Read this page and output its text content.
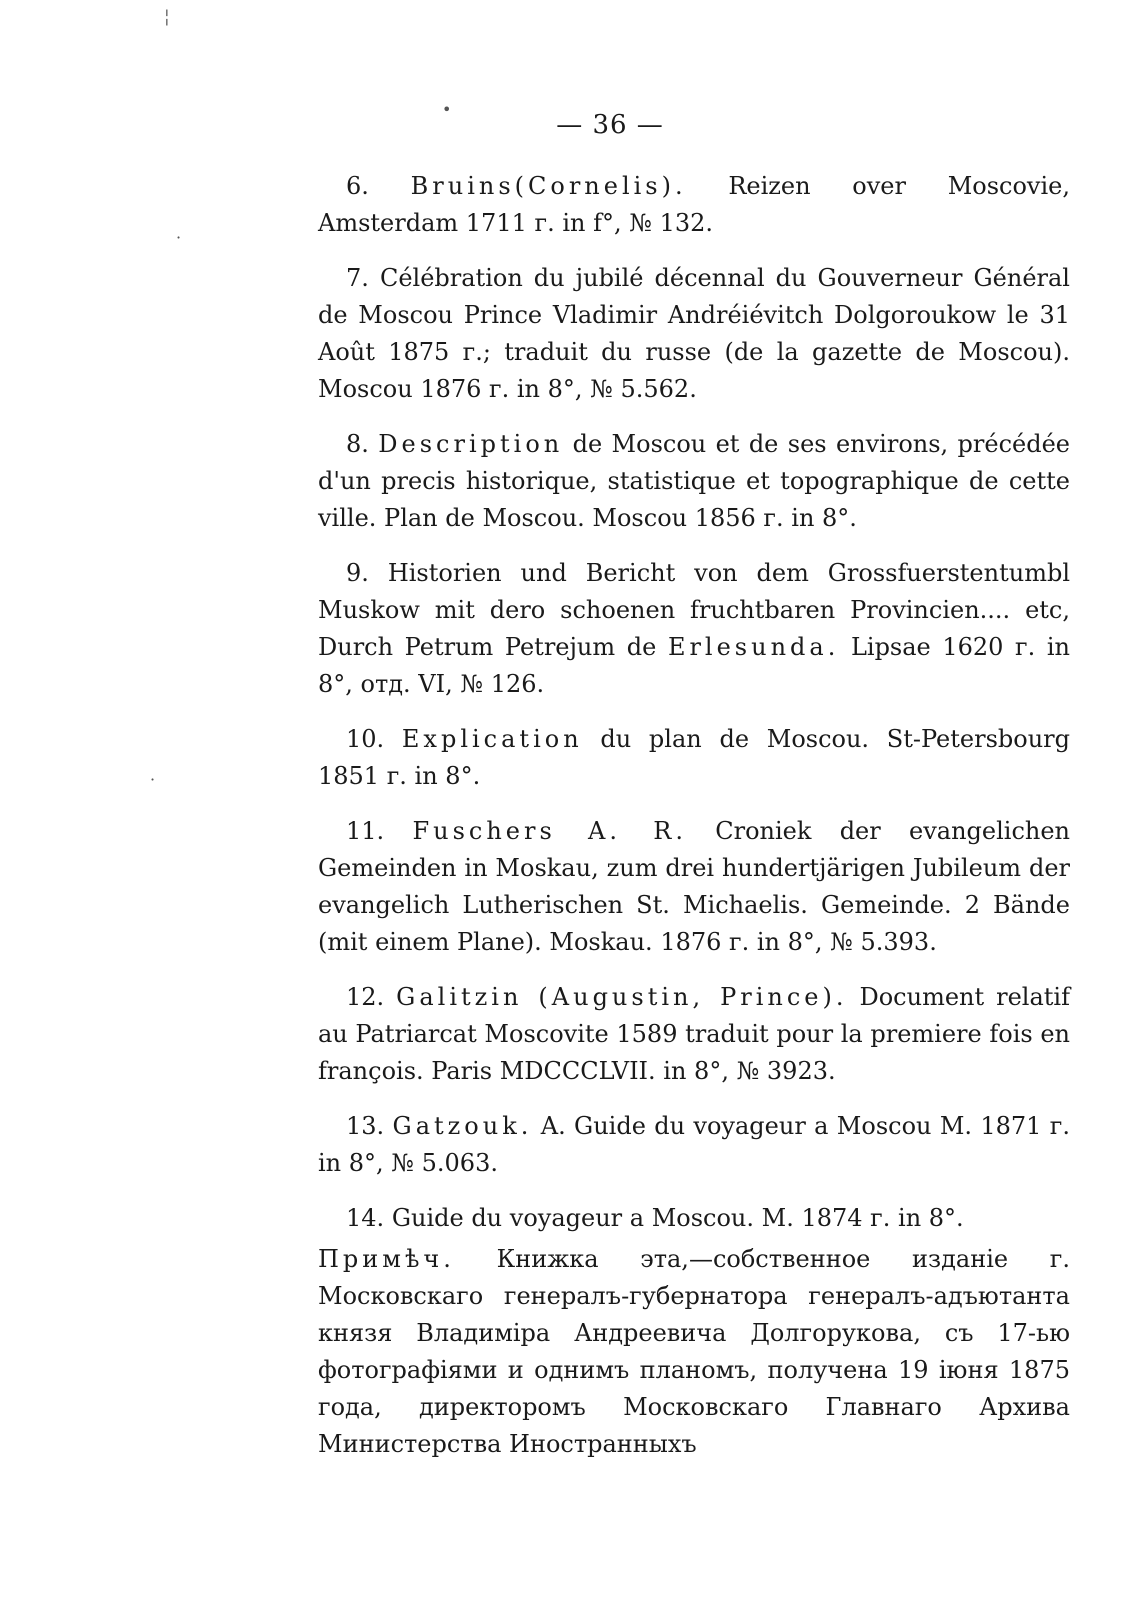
╎
•
·
·
— 36 —

6. Bruins(Cornelis). Reizen over Moscovie, Amsterdam 1711 г. in f°, № 132.

7. Célébration du jubilé décennal du Gouverneur Général de Moscou Prince Vladimir Andréiévitch Dolgoroukow le 31 Août 1875 г.; traduit du russe (de la gazette de Moscou). Moscou 1876 г. in 8°, № 5.562.

8. Description de Moscou et de ses environs, précédée d'un precis historique, statistique et topographique de cette ville. Plan de Moscou. Moscou 1856 г. in 8°.

9. Historien und Bericht von dem Grossfuerstentumbl Muskow mit dero schoenen fruchtbaren Provincien.... etc, Durch Petrum Petrejum de Erlesunda. Lipsae 1620 г. in 8°, отд. VI, № 126.

10. Explication du plan de Moscou. St-Petersbourg 1851 г. in 8°.

11. Fuschers A. R. Croniek der evangelichen Gemeinden in Moskau, zum drei hundertjärigen Jubileum der evangelich Lutherischen St. Michaelis. Gemeinde. 2 Bände (mit einem Plane). Moskau. 1876 г. in 8°, № 5.393.

12. Galitzin (Augustin, Prince). Document relatif au Patriarcat Moscovite 1589 traduit pour la premiere fois en françois. Paris MDCCCLVII. in 8°, № 3923.

13. Gatzouk. A. Guide du voyageur a Moscou M. 1871 г. in 8°, № 5.063.

14. Guide du voyageur a Moscou. M. 1874 г. in 8°.

Примѣч. Книжка эта,—собственное изданіе г. Московскаго генералъ-губернатора генералъ-адъютанта князя Владиміра Андреевича Долгорукова, съ 17-ью фотографіями и однимъ планомъ, получена 19 іюня 1875 года, директоромъ Московскаго Главнаго Архива Министерства Иностранныхъ
